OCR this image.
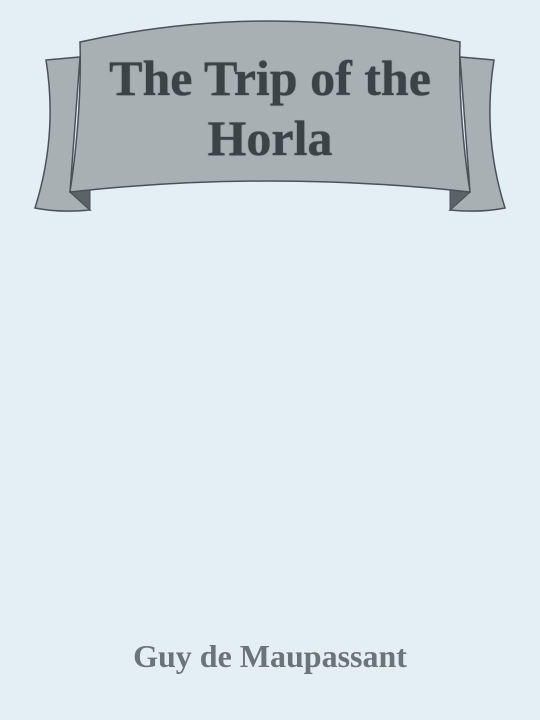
The Trip of the Horla
Guy de Maupassant
